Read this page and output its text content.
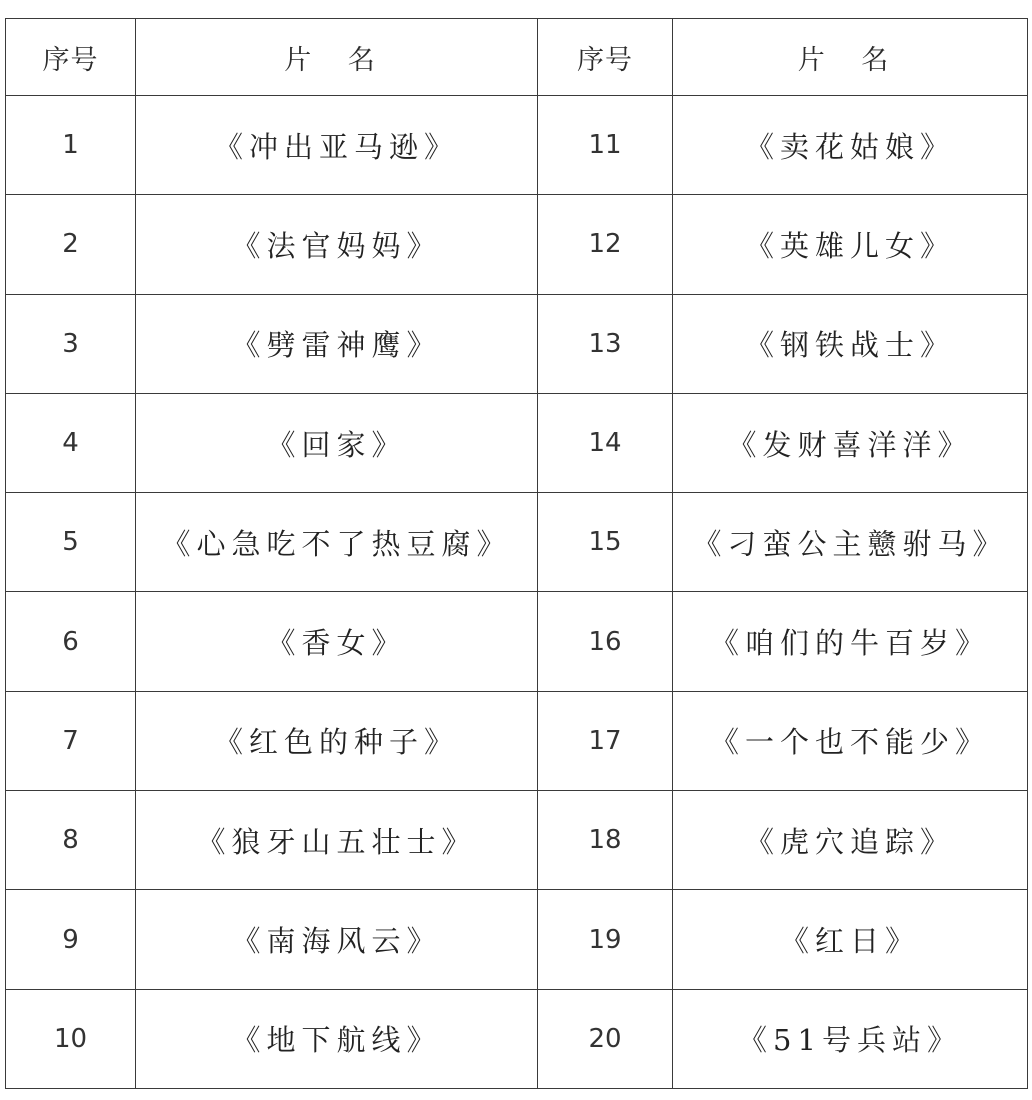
序号	片 名	序号	片 名
1	《冲出亚马逊》	11	《卖花姑娘》
2	《法官妈妈》	12	《英雄儿女》
3	《劈雷神鹰》	13	《钢铁战士》
4	《回家》	14	《发财喜洋洋》
5	《心急吃不了热豆腐》	15	《刁蛮公主戆驸马》
6	《香女》	16	《咱们的牛百岁》
7	《红色的种子》	17	《一个也不能少》
8	《狼牙山五壮士》	18	《虎穴追踪》
9	《南海风云》	19	《红日》
10	《地下航线》	20	《51号兵站》
